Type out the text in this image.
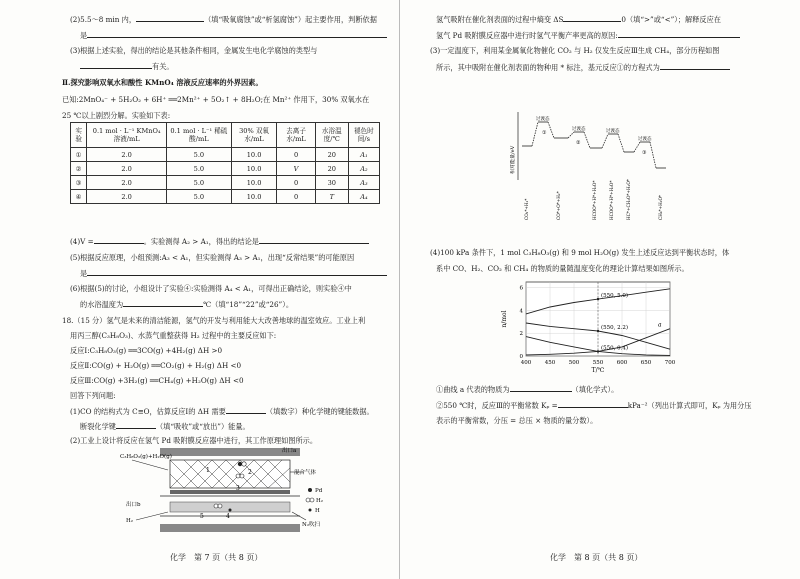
(2)5.5～8 min 内，	（填“吸氧腐蚀”或“析氢腐蚀”）起主要作用，判断依据
是
(3)根据上述实验，得出的结论是其他条件相同，金属发生电化学腐蚀的类型与
有关。
Ⅱ.探究影响双氧水和酸性 KMnO₄ 溶液反应速率的外界因素。
已知:2MnO₄⁻ + 5H₂O₂ + 6H⁺ ══2Mn²⁺ + 5O₂↑ + 8H₂O;在 Mn²⁺ 作用下，30% 双氧水在
25 ℃以上剧烈分解。实验如下表:
实验	0.1 mol · L⁻¹ KMnO₄ 溶液/mL	0.1 mol · L⁻¹ 稀硫酸/mL	30% 双氧水/mL	去离子水/mL	水浴温度/℃	褪色时间/s
①	2.0	5.0	10.0	0	20	A₁
②	2.0	5.0	10.0	V	20	A₂
③	2.0	5.0	10.0	0	30	A₃
④	2.0	5.0	10.0	0	T	A₄
(4)V =	。实验测得 A₂ > A₁，得出的结论是
(5)根据反应原理，小组预测:A₃ < A₁，但实验测得 A₃ > A₁，出现“反常结果”的可能原因
是
(6)根据(5)的讨论，小组设计了实验④:实验测得 A₄ < A₁，可得出正确结论，则实验④中
的水浴温度为	℃（填“18”“22”或“26”）。
18.（15 分）氢气是未来的清洁能源，氢气的开发与利用能大大改善地球的温室效应。工业上利
用丙三醇(C₃H₈O₃)、水蒸气重整获得 H₂ 过程中的主要反应如下:
反应Ⅰ:C₃H₈O₃(g) ══3CO(g) +4H₂(g) ΔH >0
反应Ⅱ:CO(g) + H₂O(g) ══CO₂(g) + H₂(g) ΔH <0
反应Ⅲ:CO(g) +3H₂(g) ══CH₄(g) +H₂O(g) ΔH <0
回答下列问题:
(1)CO 的结构式为 C≡O，估算反应Ⅰ的 ΔH 需要	（填数字）种化学键的键能数据。
断裂化学键	（填“吸收”或“放出”）能量。
(2)工业上设计将反应在氢气 Pd 吸附膜反应器中进行，其工作原理如图所示。
1	2
3
4
5
C₃H₈O₃(g)+H₂O(g)
出口a
混合气体
出口b
H₂
N₂吹扫
Pd
H₂
H
化学　第 7 页（共 8 页）
氢气吸附在催化剂表面的过程中熵变 ΔS	0（填“>”或“<”）；解释反应在
氢气 Pd 吸附膜反应器中进行时氢气平衡产率更高的原因:
(3)一定温度下，利用某金属氧化物催化 CO₂ 与 H₂ 仅发生反应Ⅲ生成 CH₄，部分历程如图
所示，其中吸附在催化剂表面的物种用 * 标注，基元反应①的方程式为
相对能量/eV
过渡态
过渡态	过渡态
过渡态
①
②
③
CO₂*+H₂*	CO*+O*+H₂*	HCOO*+H*+H₂O*	HCOO*+H*+H₂O*	HC*+CH₂O*+H₂O*	CH₄*+H₂O*
(4)100 kPa 条件下，1 mol C₃H₈O₃(g) 和 9 mol H₂O(g) 发生上述反应达到平衡状态时，体
系中 CO、H₂、CO₂ 和 CH₄ 的物质的量随温度变化的理论计算结果如图所示。
400 450 500 550 600 650 700
0
2
4
6
T/℃
n/mol	a
(550, 5.0)
(550, 2.2)
(550, 0.4)
①曲线 a 代表的物质为	（填化学式）。
②550 ℃时，反应Ⅲ的平衡常数 Kₚ =	kPa⁻²（列出计算式即可，Kₚ 为用分压
表示的平衡常数，分压 = 总压 × 物质的量分数）。
化学　第 8 页（共 8 页）
